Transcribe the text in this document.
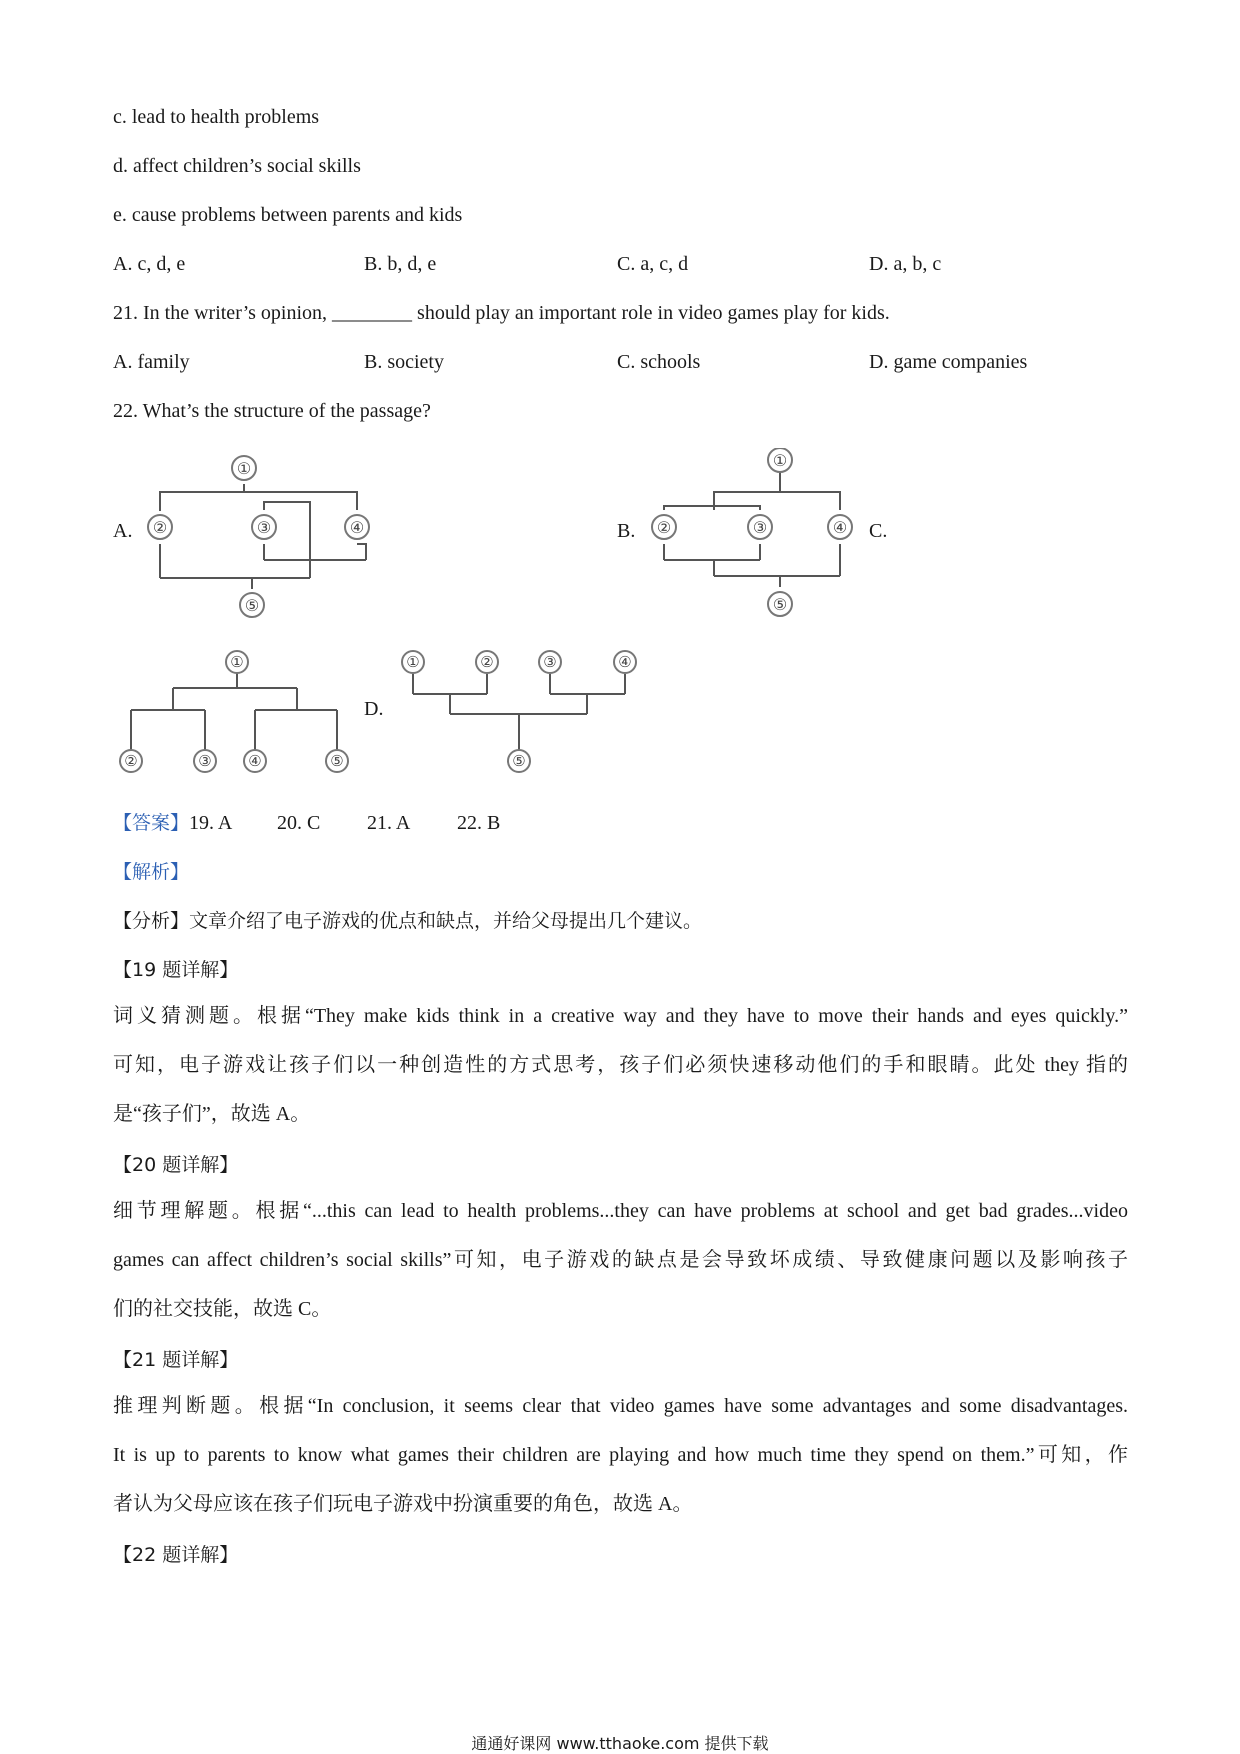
c. lead to health problems
d. affect children’s social skills
e. cause problems between parents and kids
A. c, d, e	B. b, d, e	C. a, c, d	D. a, b, c
21. In the writer’s opinion, ________ should play an important role in video games play for kids.
A. family	B. society	C. schools	D. game companies
22. What’s the structure of the passage?
A.	B.	C.
D.
①
②	③	④
⑤
①
②	③	④
⑤
①
②	③ ④	⑤
①	②	③	④
⑤
【答案】19. A 20. C 21. A 22. B
【解析】
【分析】文章介绍了电子游戏的优点和缺点，并给父母提出几个建议。
【19 题详解】
词义猜测题。根据“They make kids think in a creative way and they have to move their hands and eyes quickly.”
可知，电子游戏让孩子们以一种创造性的方式思考，孩子们必须快速移动他们的手和眼睛。此处 they 指的
是“孩子们”，故选 A。
【20 题详解】
细节理解题。根据“...this can lead to health problems...they can have problems at school and get bad grades...video
games can affect children’s social skills”可知，电子游戏的缺点是会导致坏成绩、导致健康问题以及影响孩子
们的社交技能，故选 C。
【21 题详解】
推理判断题。根据“In conclusion, it seems clear that video games have some advantages and some disadvantages.
It is up to parents to know what games their children are playing and how much time they spend on them.”可知，作
者认为父母应该在孩子们玩电子游戏中扮演重要的角色，故选 A。
【22 题详解】
通通好课网 www.tthaoke.com 提供下载
